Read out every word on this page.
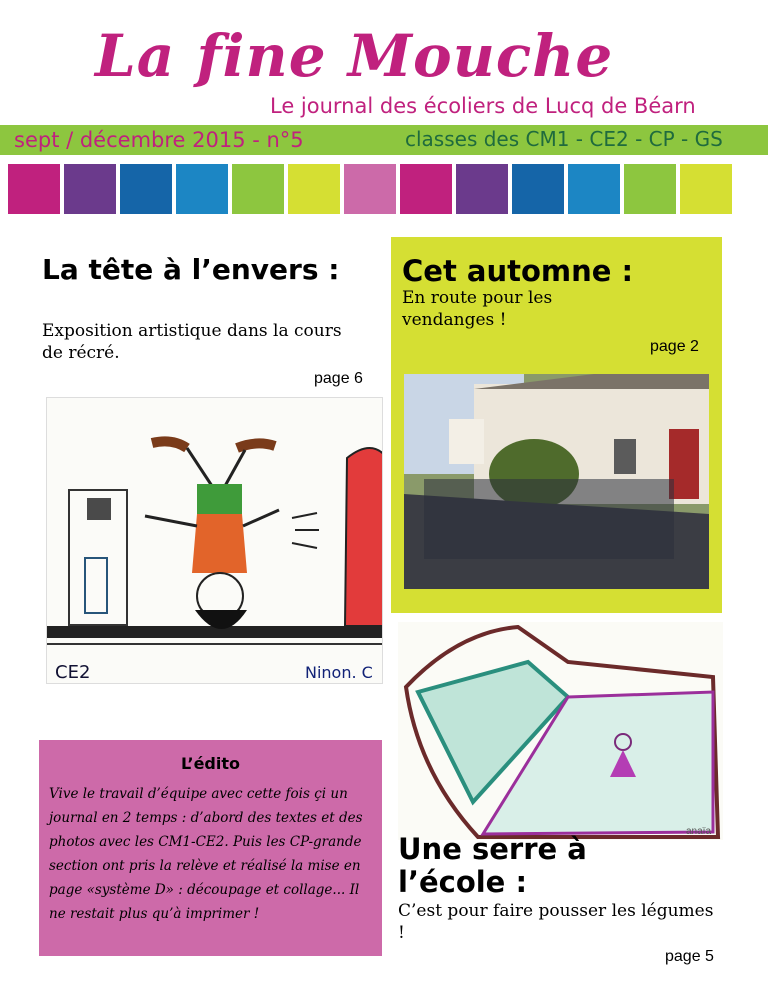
La fine Mouche
Le journal des écoliers de Lucq de Béarn
sept / décembre 2015 - n°5	classes des CM1 - CE2 - CP - GS
La tête à l’envers :
Exposition artistique dans la cours de récré.
page 6
CE2	Ninon. C
Cet automne :
En route pour les vendanges !
page 2
anaïa
Une serre à l’école :
C’est pour faire pousser les légumes !
page 5
L’édito
Vive le travail d’équipe avec cette fois çi un journal en 2 temps : d’abord des textes et des photos avec les CM1-CE2. Puis les CP-grande section ont pris la relève et réalisé la mise en page «système D» : découpage et collage... Il ne restait plus qu’à imprimer !
